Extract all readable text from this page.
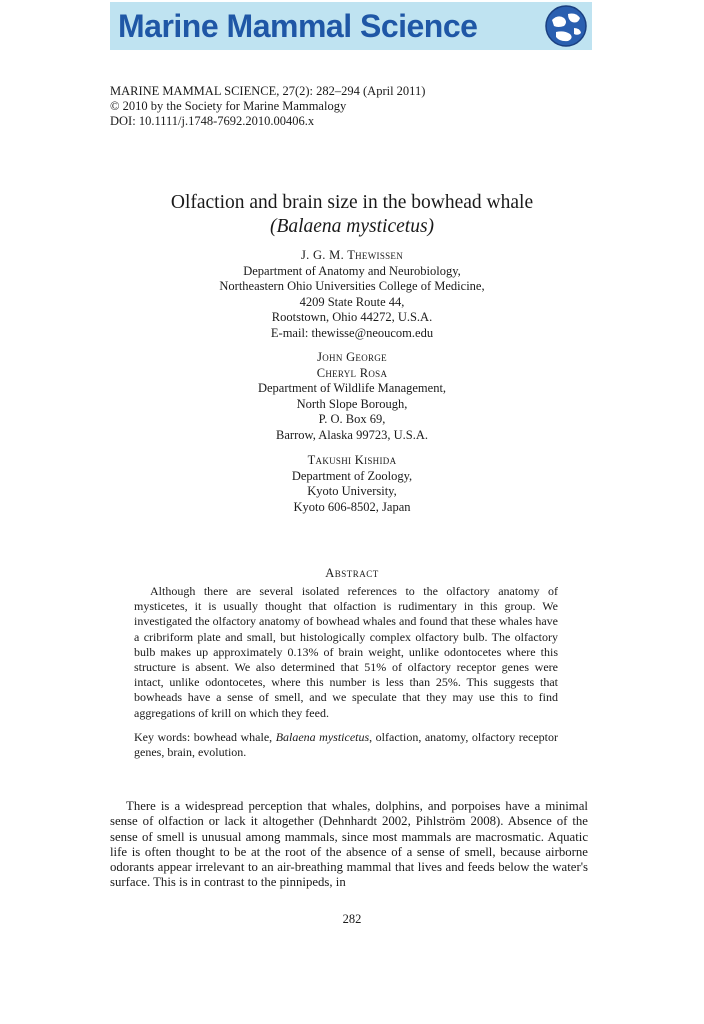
Marine Mammal Science
MARINE MAMMAL SCIENCE, 27(2): 282–294 (April 2011)
© 2010 by the Society for Marine Mammalogy
DOI: 10.1111/j.1748-7692.2010.00406.x
Olfaction and brain size in the bowhead whale
(Balaena mysticetus)
J. G. M. Thewissen
Department of Anatomy and Neurobiology,
Northeastern Ohio Universities College of Medicine,
4209 State Route 44,
Rootstown, Ohio 44272, U.S.A.
E-mail: thewisse@neoucom.edu
John George
Cheryl Rosa
Department of Wildlife Management,
North Slope Borough,
P. O. Box 69,
Barrow, Alaska 99723, U.S.A.
Takushi Kishida
Department of Zoology,
Kyoto University,
Kyoto 606-8502, Japan
Abstract
Although there are several isolated references to the olfactory anatomy of mysticetes, it is usually thought that olfaction is rudimentary in this group. We investigated the olfactory anatomy of bowhead whales and found that these whales have a cribriform plate and small, but histologically complex olfactory bulb. The olfactory bulb makes up approximately 0.13% of brain weight, unlike odontocetes where this structure is absent. We also determined that 51% of olfactory receptor genes were intact, unlike odontocetes, where this number is less than 25%. This suggests that bowheads have a sense of smell, and we speculate that they may use this to find aggregations of krill on which they feed.
Key words: bowhead whale, Balaena mysticetus, olfaction, anatomy, olfactory receptor genes, brain, evolution.
There is a widespread perception that whales, dolphins, and porpoises have a minimal sense of olfaction or lack it altogether (Dehnhardt 2002, Pihlström 2008). Absence of the sense of smell is unusual among mammals, since most mammals are macrosmatic. Aquatic life is often thought to be at the root of the absence of a sense of smell, because airborne odorants appear irrelevant to an air-breathing mammal that lives and feeds below the water's surface. This is in contrast to the pinnipeds, in
282
